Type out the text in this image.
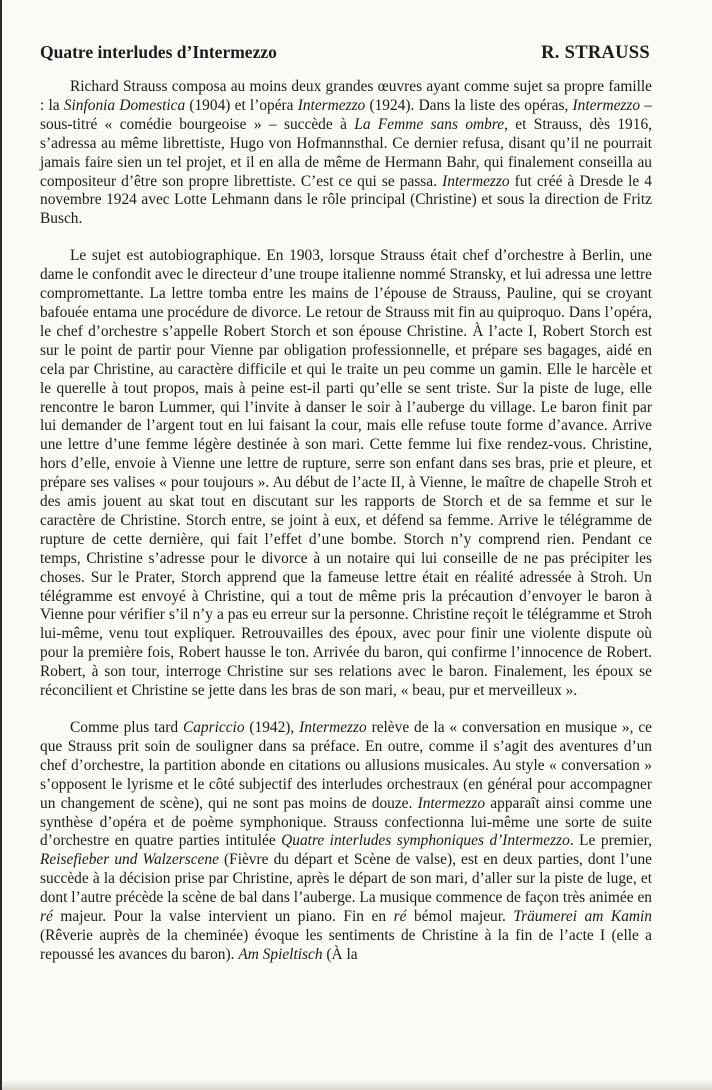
Quatre interludes d’Intermezzo	R. STRAUSS

Richard Strauss composa au moins deux grandes œuvres ayant comme sujet sa propre famille : la Sinfonia Domestica (1904) et l’opéra Intermezzo (1924). Dans la liste des opéras, Intermezzo – sous-titré « comédie bourgeoise » – succède à La Femme sans ombre, et Strauss, dès 1916, s’adressa au même librettiste, Hugo von Hofmannsthal. Ce dernier refusa, disant qu’il ne pourrait jamais faire sien un tel projet, et il en alla de même de Hermann Bahr, qui finalement conseilla au compositeur d’être son propre librettiste. C’est ce qui se passa. Intermezzo fut créé à Dresde le 4 novembre 1924 avec Lotte Lehmann dans le rôle principal (Christine) et sous la direction de Fritz Busch.

Le sujet est autobiographique. En 1903, lorsque Strauss était chef d’orchestre à Berlin, une dame le confondit avec le directeur d’une troupe italienne nommé Stransky, et lui adressa une lettre compromettante. La lettre tomba entre les mains de l’épouse de Strauss, Pauline, qui se croyant bafouée entama une procédure de divorce. Le retour de Strauss mit fin au quiproquo. Dans l’opéra, le chef d’orchestre s’appelle Robert Storch et son épouse Christine. À l’acte I, Robert Storch est sur le point de partir pour Vienne par obligation professionnelle, et prépare ses bagages, aidé en cela par Christine, au caractère difficile et qui le traite un peu comme un gamin. Elle le harcèle et le querelle à tout propos, mais à peine est-il parti qu’elle se sent triste. Sur la piste de luge, elle rencontre le baron Lummer, qui l’invite à danser le soir à l’auberge du village. Le baron finit par lui demander de l’argent tout en lui faisant la cour, mais elle refuse toute forme d’avance. Arrive une lettre d’une femme légère destinée à son mari. Cette femme lui fixe rendez-vous. Christine, hors d’elle, envoie à Vienne une lettre de rupture, serre son enfant dans ses bras, prie et pleure, et prépare ses valises « pour toujours ». Au début de l’acte II, à Vienne, le maître de chapelle Stroh et des amis jouent au skat tout en discutant sur les rapports de Storch et de sa femme et sur le caractère de Christine. Storch entre, se joint à eux, et défend sa femme. Arrive le télégramme de rupture de cette dernière, qui fait l’effet d’une bombe. Storch n’y comprend rien. Pendant ce temps, Christine s’adresse pour le divorce à un notaire qui lui conseille de ne pas précipiter les choses. Sur le Prater, Storch apprend que la fameuse lettre était en réalité adressée à Stroh. Un télégramme est envoyé à Christine, qui a tout de même pris la précaution d’envoyer le baron à Vienne pour vérifier s’il n’y a pas eu erreur sur la personne. Christine reçoit le télégramme et Stroh lui-même, venu tout expliquer. Retrouvailles des époux, avec pour finir une violente dispute où pour la première fois, Robert hausse le ton. Arrivée du baron, qui confirme l’innocence de Robert. Robert, à son tour, interroge Christine sur ses relations avec le baron. Finalement, les époux se réconcilient et Christine se jette dans les bras de son mari, « beau, pur et merveilleux ».

Comme plus tard Capriccio (1942), Intermezzo relève de la « conversation en musique », ce que Strauss prit soin de souligner dans sa préface. En outre, comme il s’agit des aventures d’un chef d’orchestre, la partition abonde en citations ou allusions musicales. Au style « conversation » s’opposent le lyrisme et le côté subjectif des interludes orchestraux (en général pour accompagner un changement de scène), qui ne sont pas moins de douze. Intermezzo apparaît ainsi comme une synthèse d’opéra et de poème symphonique. Strauss confectionna lui-même une sorte de suite d’orchestre en quatre parties intitulée Quatre interludes symphoniques d’Intermezzo. Le premier, Reisefieber und Walzerscene (Fièvre du départ et Scène de valse), est en deux parties, dont l’une succède à la décision prise par Christine, après le départ de son mari, d’aller sur la piste de luge, et dont l’autre précède la scène de bal dans l’auberge. La musique commence de façon très animée en ré majeur. Pour la valse intervient un piano. Fin en ré bémol majeur. Träumerei am Kamin (Rêverie auprès de la cheminée) évoque les sentiments de Christine à la fin de l’acte I (elle a repoussé les avances du baron). Am Spieltisch (À la
